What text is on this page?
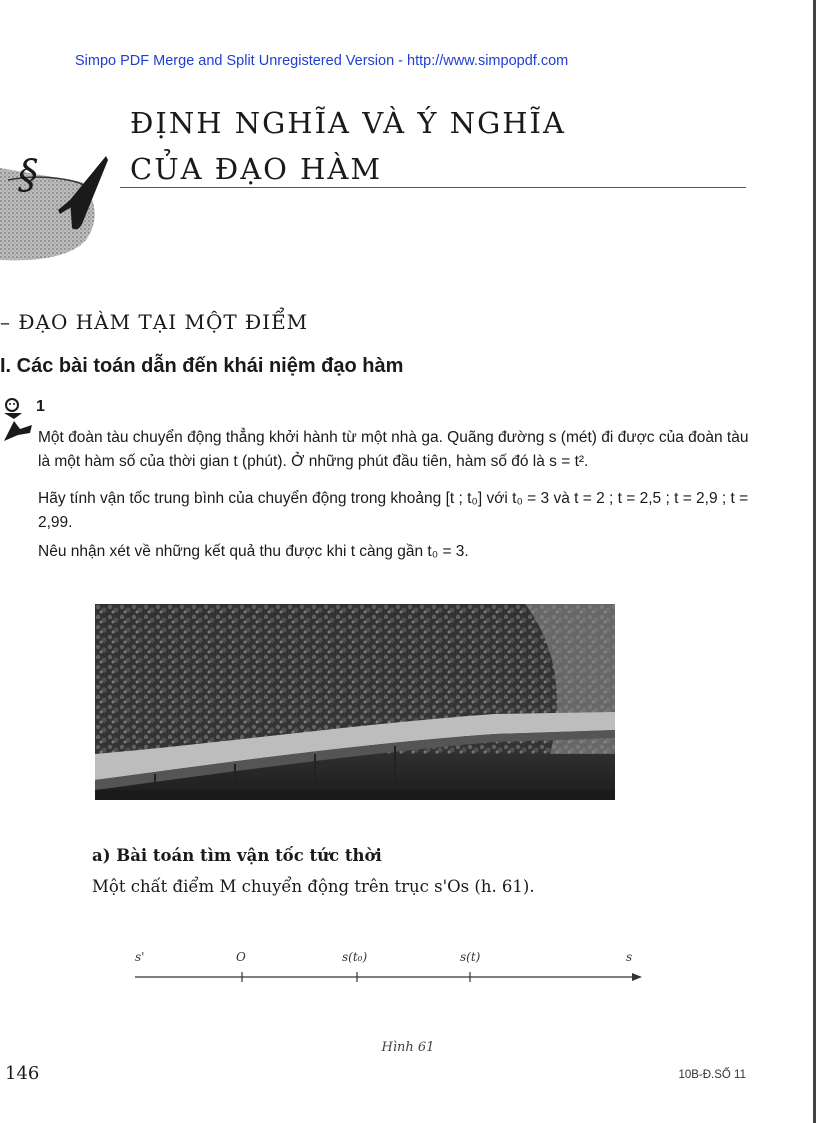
Simpo PDF Merge and Split Unregistered Version - http://www.simpopdf.com
§
ĐỊNH NGHĨA VÀ Ý NGHĨA
CỦA ĐẠO HÀM
– ĐẠO HÀM TẠI MỘT ĐIỂM
I. Các bài toán dẫn đến khái niệm đạo hàm
1
Một đoàn tàu chuyển động thẳng khởi hành từ một nhà ga. Quãng đường s (mét) đi được của đoàn tàu là một hàm số của thời gian t (phút). Ở những phút đầu tiên, hàm số đó là s = t².
Hãy tính vận tốc trung bình của chuyển động trong khoảng [t ; t₀] với t₀ = 3 và t = 2 ; t = 2,5 ; t = 2,9 ; t = 2,99.
Nêu nhận xét về những kết quả thu được khi t càng gần t₀ = 3.
a) Bài toán tìm vận tốc tức thời
Một chất điểm M chuyển động trên trục s'Os (h. 61).
s'	O	s(t₀)	s(t)	s
Hình 61
146	10B-Đ.SỐ 11
